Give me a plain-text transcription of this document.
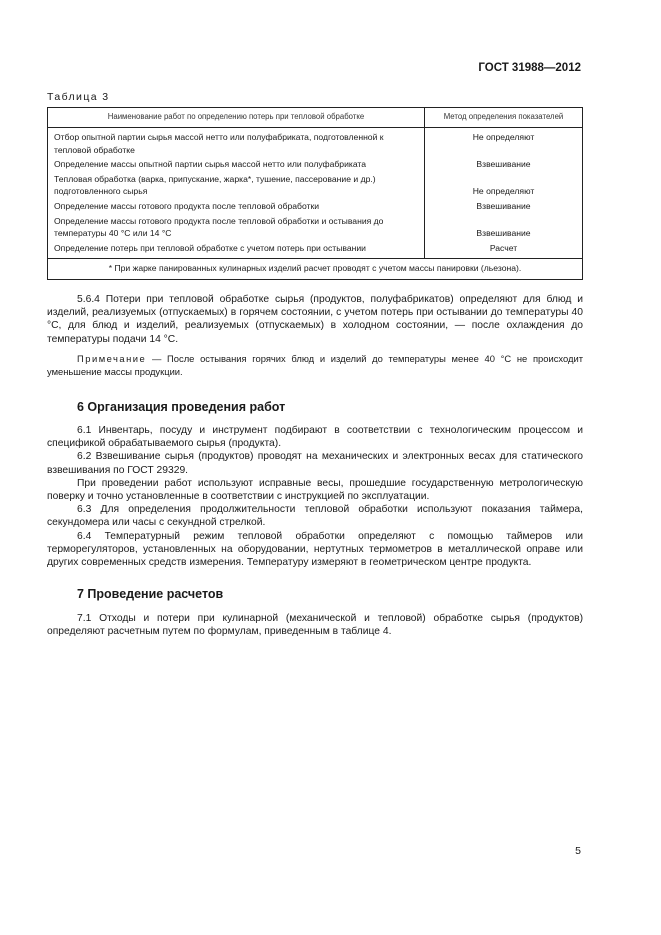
ГОСТ 31988—2012
Таблица 3
Наименование работ по определению потерь при тепловой обработке	Метод определения показателей
Отбор опытной партии сырья массой нетто или полуфабриката, подготовленной к тепловой обработке	Не определяют
Определение массы опытной партии сырья массой нетто или полуфабриката	Взвешивание
Тепловая обработка (варка, припускание, жарка*, тушение, пассерование и др.) подготовленного сырья	Не определяют

Определение массы готового продукта после тепловой обработки	Взвешивание
Определение массы готового продукта после тепловой обработки и остывания до температуры 40 °С или 14 °С	Взвешивание

Определение потерь при тепловой обработке с учетом потерь при остывании	Расчет
* При жарке панированных кулинарных изделий расчет проводят с учетом массы панировки (льезона).	

5.6.4 Потери при тепловой обработке сырья (продуктов, полуфабрикатов) определяют для блюд и изделий, реализуемых (отпускаемых) в горячем состоянии, с учетом потерь при остывании до температуры 40 °С, для блюд и изделий, реализуемых (отпускаемых) в холодном состоянии, — после охлаждения до температуры подачи 14 °С.

Примечание — После остывания горячих блюд и изделий до температуры менее 40 °С не происходит уменьшение массы продукции.
6 Организация проведения работ

6.1 Инвентарь, посуду и инструмент подбирают в соответствии с технологическим процессом и спецификой обрабатываемого сырья (продукта).

6.2 Взвешивание сырья (продуктов) проводят на механических и электронных весах для статического взвешивания по ГОСТ 29329.

При проведении работ используют исправные весы, прошедшие государственную метрологическую поверку и точно установленные в соответствии с инструкцией по эксплуатации.

6.3 Для определения продолжительности тепловой обработки используют показания таймера, секундомера или часы с секундной стрелкой.

6.4 Температурный режим тепловой обработки определяют с помощью таймеров или терморегуляторов, установленных на оборудовании, нертутных термометров в металлической оправе или других современных средств измерения. Температуру измеряют в геометрическом центре продукта.

7 Проведение расчетов

7.1 Отходы и потери при кулинарной (механической и тепловой) обработке сырья (продуктов) определяют расчетным путем по формулам, приведенным в таблице 4.

5
